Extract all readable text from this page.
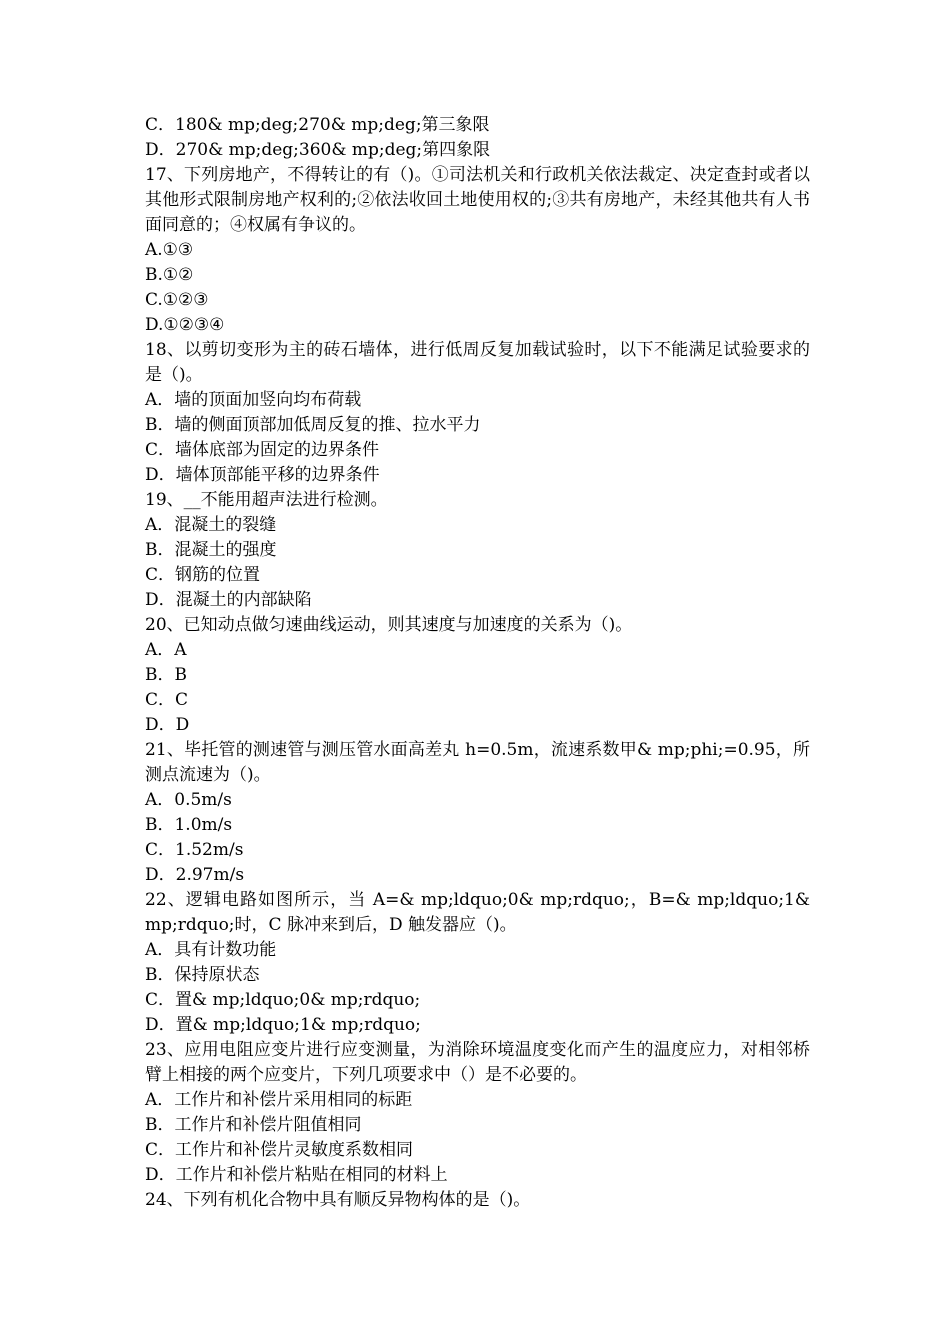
C．180& mp;deg;270& mp;deg;第三象限
D．270& mp;deg;360& mp;deg;第四象限
17、下列房地产，不得转让的有（)。①司法机关和行政机关依法裁定、决定查封或者以其他形式限制房地产权利的;②依法收回土地使用权的;③共有房地产，未经其他共有人书面同意的；④权属有争议的。
A.①③
B.①②
C.①②③
D.①②③④
18、以剪切变形为主的砖石墙体，进行低周反复加载试验时，以下不能满足试验要求的是（)。
A．墙的顶面加竖向均布荷载
B．墙的侧面顶部加低周反复的推、拉水平力
C．墙体底部为固定的边界条件
D．墙体顶部能平移的边界条件
19、__不能用超声法进行检测。
A．混凝土的裂缝
B．混凝土的强度
C．钢筋的位置
D．混凝土的内部缺陷
20、已知动点做匀速曲线运动，则其速度与加速度的关系为（)。
A．A
B．B
C．C
D．D
21、毕托管的测速管与测压管水面高差丸 h=0.5m，流速系数甲& mp;phi;=0.95，所测点流速为（)。
A．0.5m/s
B．1.0m/s
C．1.52m/s
D．2.97m/s
22、逻辑电路如图所示，当 A=& mp;ldquo;0& mp;rdquo;，B=& mp;ldquo;1& mp;rdquo;时，C 脉冲来到后，D 触发器应（)。
A．具有计数功能
B．保持原状态
C．置& mp;ldquo;0& mp;rdquo;
D．置& mp;ldquo;1& mp;rdquo;
23、应用电阻应变片进行应变测量，为消除环境温度变化而产生的温度应力，对相邻桥臂上相接的两个应变片，下列几项要求中（）是不必要的。
A．工作片和补偿片采用相同的标距
B．工作片和补偿片阻值相同
C．工作片和补偿片灵敏度系数相同
D．工作片和补偿片粘贴在相同的材料上
24、下列有机化合物中具有顺反异物构体的是（)。
